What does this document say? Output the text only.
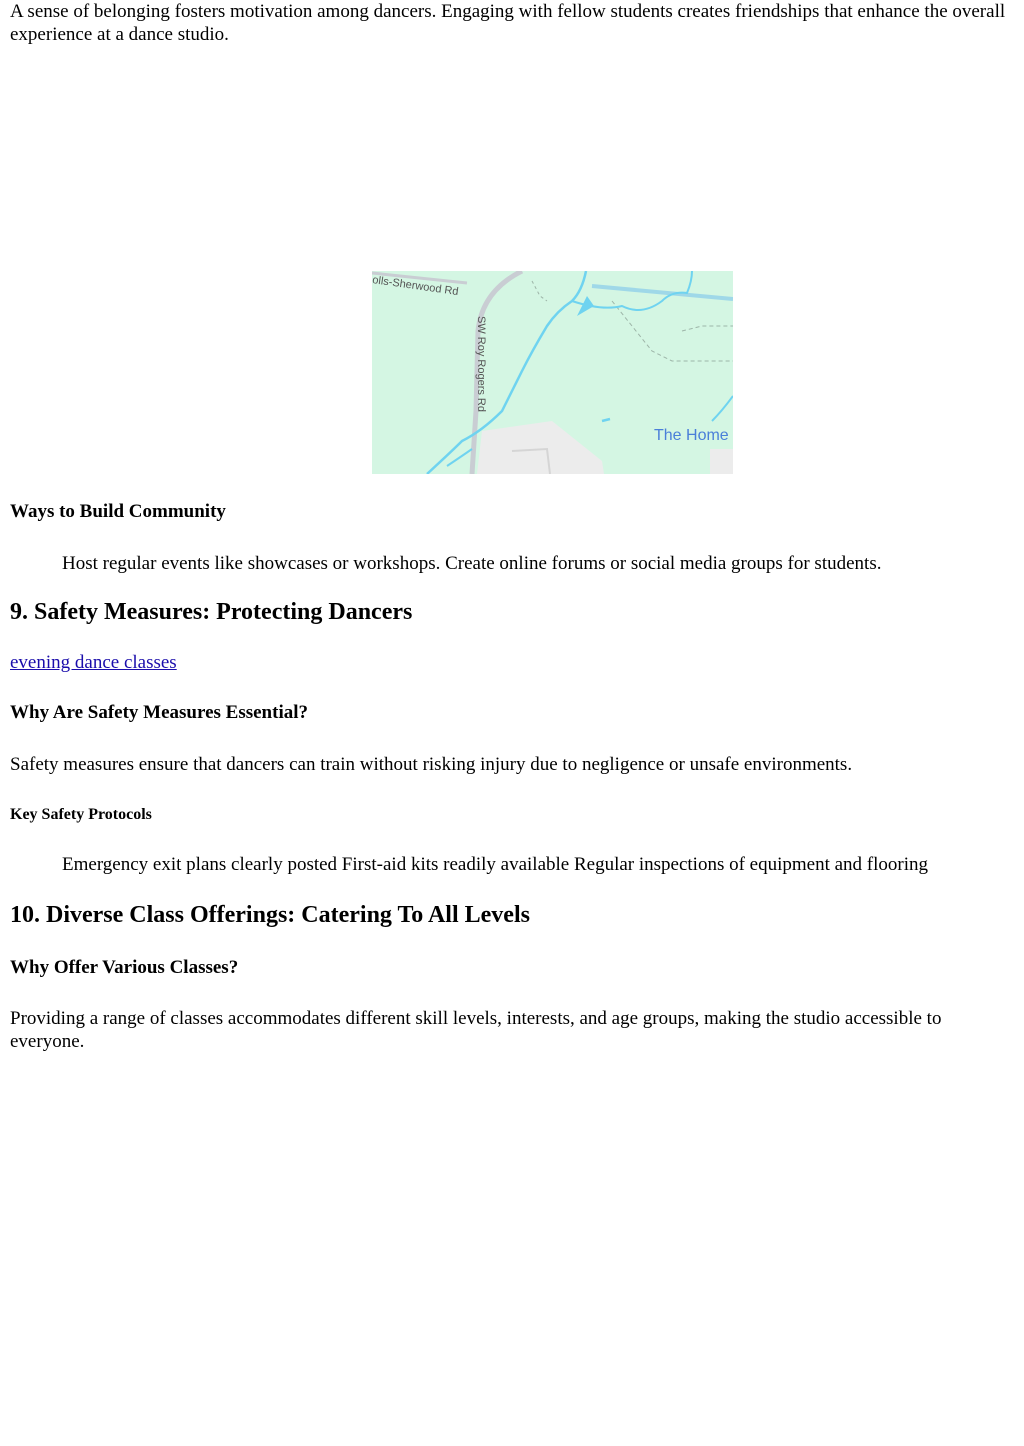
A sense of belonging fosters motivation among dancers. Engaging with fellow students creates friendships that enhance the overall experience at a dance studio.

olls-Sherwood Rd
SW Roy Rogers Rd
The Home
Ways to Build Community

Host regular events like showcases or workshops. Create online forums or social media groups for students.

9. Safety Measures: Protecting Dancers
evening dance classes
Why Are Safety Measures Essential?

Safety measures ensure that dancers can train without risking injury due to negligence or unsafe environments.

Key Safety Protocols

Emergency exit plans clearly posted First-aid kits readily available Regular inspections of equipment and flooring

10. Diverse Class Offerings: Catering To All Levels
Why Offer Various Classes?

Providing a range of classes accommodates different skill levels, interests, and age groups, making the studio accessible to everyone.
